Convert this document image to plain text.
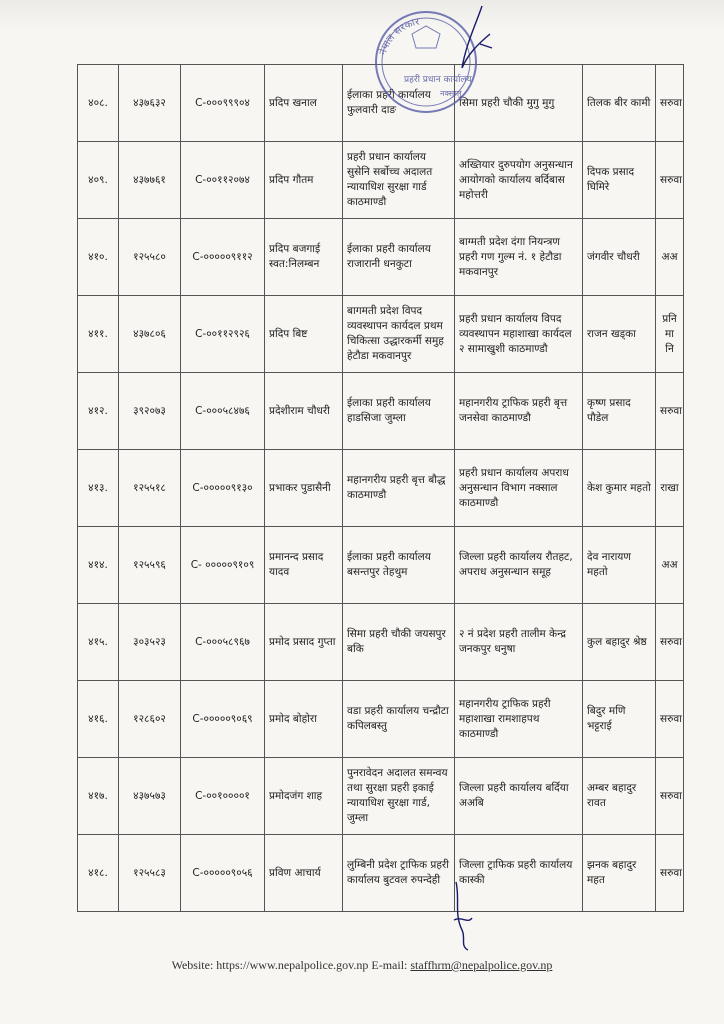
४०८.	४३७६३२	C-०००९९९०४	प्रदिप खनाल	ईलाका प्रहरी कार्यालय फुलवारी दाङ	सिमा प्रहरी चौकी मुगु मुगु	तिलक बीर कामी	सरुवा
४०९.	४३७७६१	C-००११२०७४	प्रदिप गौतम	प्रहरी प्रधान कार्यालय सुसेनि सर्बोच्च अदालत न्यायाधिश सुरक्षा गार्ड काठमाण्डौ	अख्तियार दुरुपयोग अनुसन्धान आयोगको कार्यालय बर्दिबास महोत्तरी	दिपक प्रसाद घिमिरे	सरुवा
४१०.	१२५५८०	C-०००००९११२	प्रदिप बजगाई स्वत:निलम्बन	ईलाका प्रहरी कार्यालय राजारानी धनकुटा	बाग्मती प्रदेश दंगा नियन्त्रण प्रहरी गण गुल्म नं. १ हेटौडा मकवानपुर	जंगवीर चौधरी	अअ
४११.	४३७८०६	C-००११२९२६	प्रदिप बिष्ट	बागमती प्रदेश विपद व्यवस्थापन कार्यदल प्रथम चिकित्सा उद्धारकर्मी समुह हेटौडा मकवानपुर	प्रहरी प्रधान कार्यालय विपद व्यवस्थापन महाशाखा कार्यदल २ सामाखुशी काठमाण्डौ	राजन खड्का	प्रनि मा नि
४१२.	३९२०७३	C-०००५८४७६	प्रदेशीराम चौधरी	ईलाका प्रहरी कार्यालय हाडसिजा जुम्ला	महानगरीय ट्राफिक प्रहरी बृत्त जनसेवा काठमाण्डौ	कृष्ण प्रसाद पौडेल	सरुवा
४१३.	१२५५१८	C-०००००९१३०	प्रभाकर पुडासैनी	महानगरीय प्रहरी बृत्त बौद्ध काठमाण्डौ	प्रहरी प्रधान कार्यालय अपराध अनुसन्धान विभाग नक्साल काठमाण्डौ	केश कुमार महतो	राखा
४१४.	१२५५९६	C- ०००००९१०९	प्रमानन्द प्रसाद यादव	ईलाका प्रहरी कार्यालय बसन्तपुर तेहथुम	जिल्ला प्रहरी कार्यालय रौतहट, अपराध अनुसन्धान समूह	देव नारायण महतो	अअ
४१५.	३०३५२३	C-०००५८९६७	प्रमोद प्रसाद गुप्ता	सिमा प्रहरी चौकी जयसपुर बकि	२ नं प्रदेश प्रहरी तालीम केन्द्र जनकपुर धनुषा	कुल बहादुर श्रेष्ठ	सरुवा
४१६.	१२८६०२	C-०००००९०६९	प्रमोद बोहोरा	वडा प्रहरी कार्यालय चन्द्रौटा कपिलबस्तु	महानगरीय ट्राफिक प्रहरी महाशाखा रामशाहपथ काठमाण्डौ	बिदुर मणि भट्टराई	सरुवा
४१७.	४३७५७३	C-००१००००१	प्रमोदजंग शाह	पुनरावेदन अदालत समन्वय तथा सुरक्षा प्रहरी इकाई न्यायाधिश सुरक्षा गार्ड, जुम्ला	जिल्ला प्रहरी कार्यालय बर्दिया अअबि	अम्बर बहादुर रावत	सरुवा
४१८.	१२५५८३	C-०००००९०५६	प्रविण आचार्य	लुम्बिनी प्रदेश ट्राफिक प्रहरी कार्यालय बुटवल रुपन्देही	जिल्ला ट्राफिक प्रहरी कार्यालय कास्की	झनक बहादुर महत	सरुवा
नेपाल सरकार
प्रहरी प्रधान कार्यालय
नक्सालु
Website: https://www.nepalpolice.gov.np E-mail: staffhrm@nepalpolice.gov.np
